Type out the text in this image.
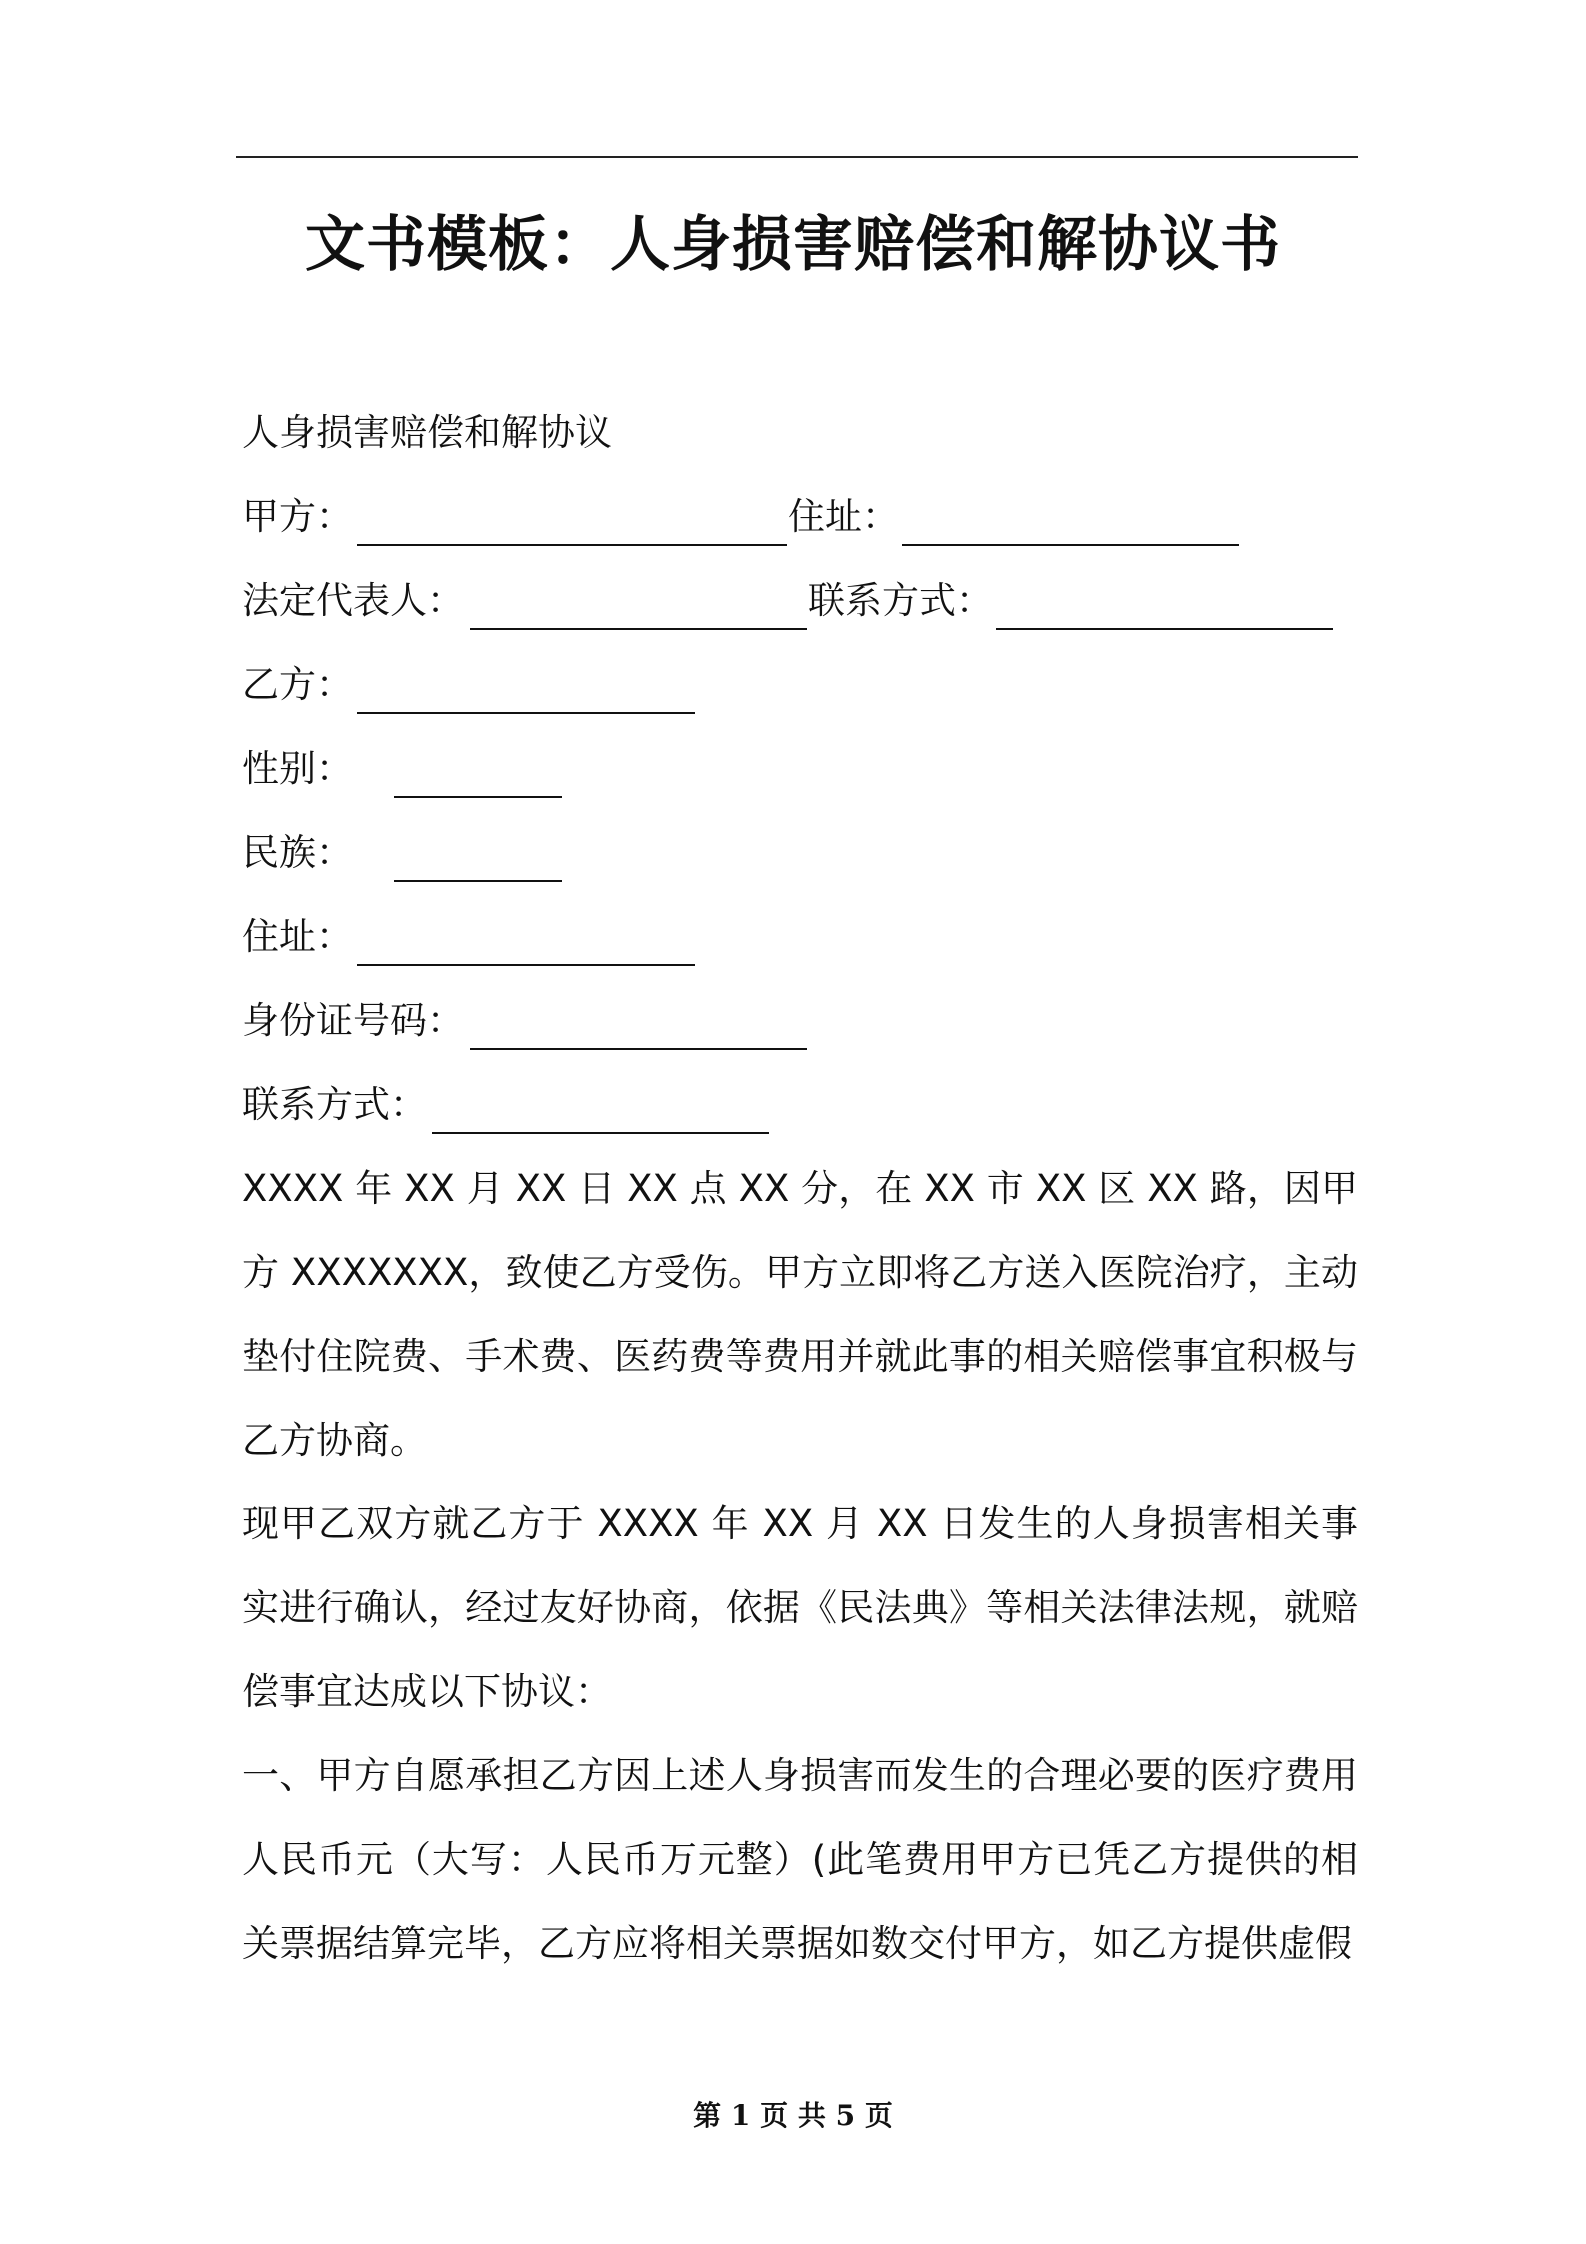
文书模板：人身损害赔偿和解协议书
人身损害赔偿和解协议
甲方：	住址：
法定代表人：	联系方式：
乙方：
性别：
民族：
住址：
身份证号码：
联系方式：
XXXX 年 XX 月 XX 日 XX 点 XX 分，在 XX 市 XX 区 XX 路，因甲方 XXXXXXX，致使乙方受伤。甲方立即将乙方送入医院治疗，主动垫付住院费、手术费、医药费等费用并就此事的相关赔偿事宜积极与乙方协商。
现甲乙双方就乙方于 XXXX 年 XX 月 XX 日发生的人身损害相关事实进行确认，经过友好协商，依据《民法典》等相关法律法规，就赔偿事宜达成以下协议：
一、甲方自愿承担乙方因上述人身损害而发生的合理必要的医疗费用人民币元（大写：人民币万元整）(此笔费用甲方已凭乙方提供的相关票据结算完毕，乙方应将相关票据如数交付甲方，如乙方提供虚假
第 1 页 共 5 页
